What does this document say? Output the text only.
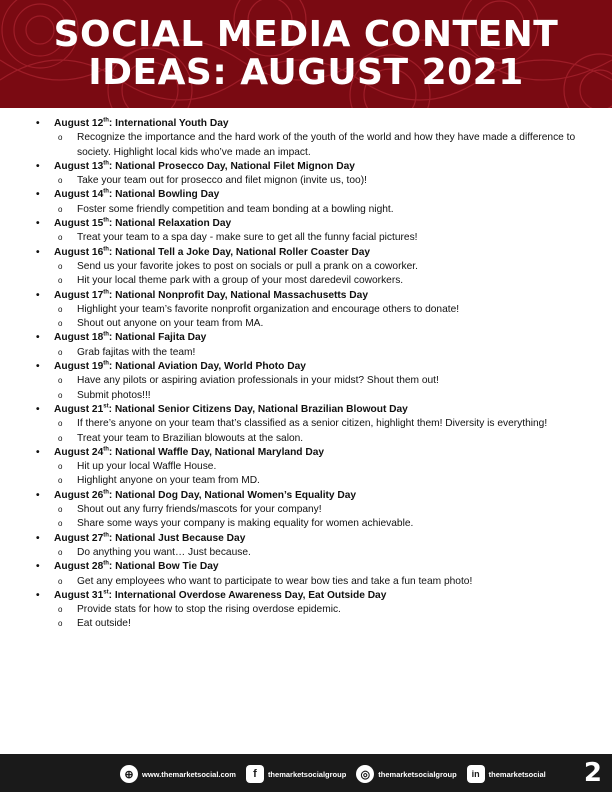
SOCIAL MEDIA CONTENT
IDEAS: AUGUST 2021
• August 12th: International Youth Day
o Recognize the importance and the hard work of the youth of the world and how they have made a difference to society. Highlight local kids who’ve made an impact.
• August 13th: National Prosecco Day, National Filet Mignon Day
o Take your team out for prosecco and filet mignon (invite us, too)!
• August 14th: National Bowling Day
o Foster some friendly competition and team bonding at a bowling night.
• August 15th: National Relaxation Day
o Treat your team to a spa day - make sure to get all the funny facial pictures!
• August 16th: National Tell a Joke Day, National Roller Coaster Day
o Send us your favorite jokes to post on socials or pull a prank on a coworker.
o Hit your local theme park with a group of your most daredevil coworkers.
• August 17th: National Nonprofit Day, National Massachusetts Day
o Highlight your team’s favorite nonprofit organization and encourage others to donate!
o Shout out anyone on your team from MA.
• August 18th: National Fajita Day
o Grab fajitas with the team!
• August 19th: National Aviation Day, World Photo Day
o Have any pilots or aspiring aviation professionals in your midst? Shout them out!
o Submit photos!!!
• August 21st: National Senior Citizens Day, National Brazilian Blowout Day
o If there’s anyone on your team that’s classified as a senior citizen, highlight them! Diversity is everything!
o Treat your team to Brazilian blowouts at the salon.
• August 24th: National Waffle Day, National Maryland Day
o Hit up your local Waffle House.
o Highlight anyone on your team from MD.
• August 26th: National Dog Day, National Women’s Equality Day
o Shout out any furry friends/mascots for your company!
o Share some ways your company is making equality for women achievable.
• August 27th: National Just Because Day
o Do anything you want… Just because.
• August 28th: National Bow Tie Day
o Get any employees who want to participate to wear bow ties and take a fun team photo!
• August 31st: International Overdose Awareness Day, Eat Outside Day
o Provide stats for how to stop the rising overdose epidemic.
o Eat outside!
⊕	www.themarketsocial.com	f	themarketsocialgroup	◎	themarketsocialgroup	in	themarketsocial 2
